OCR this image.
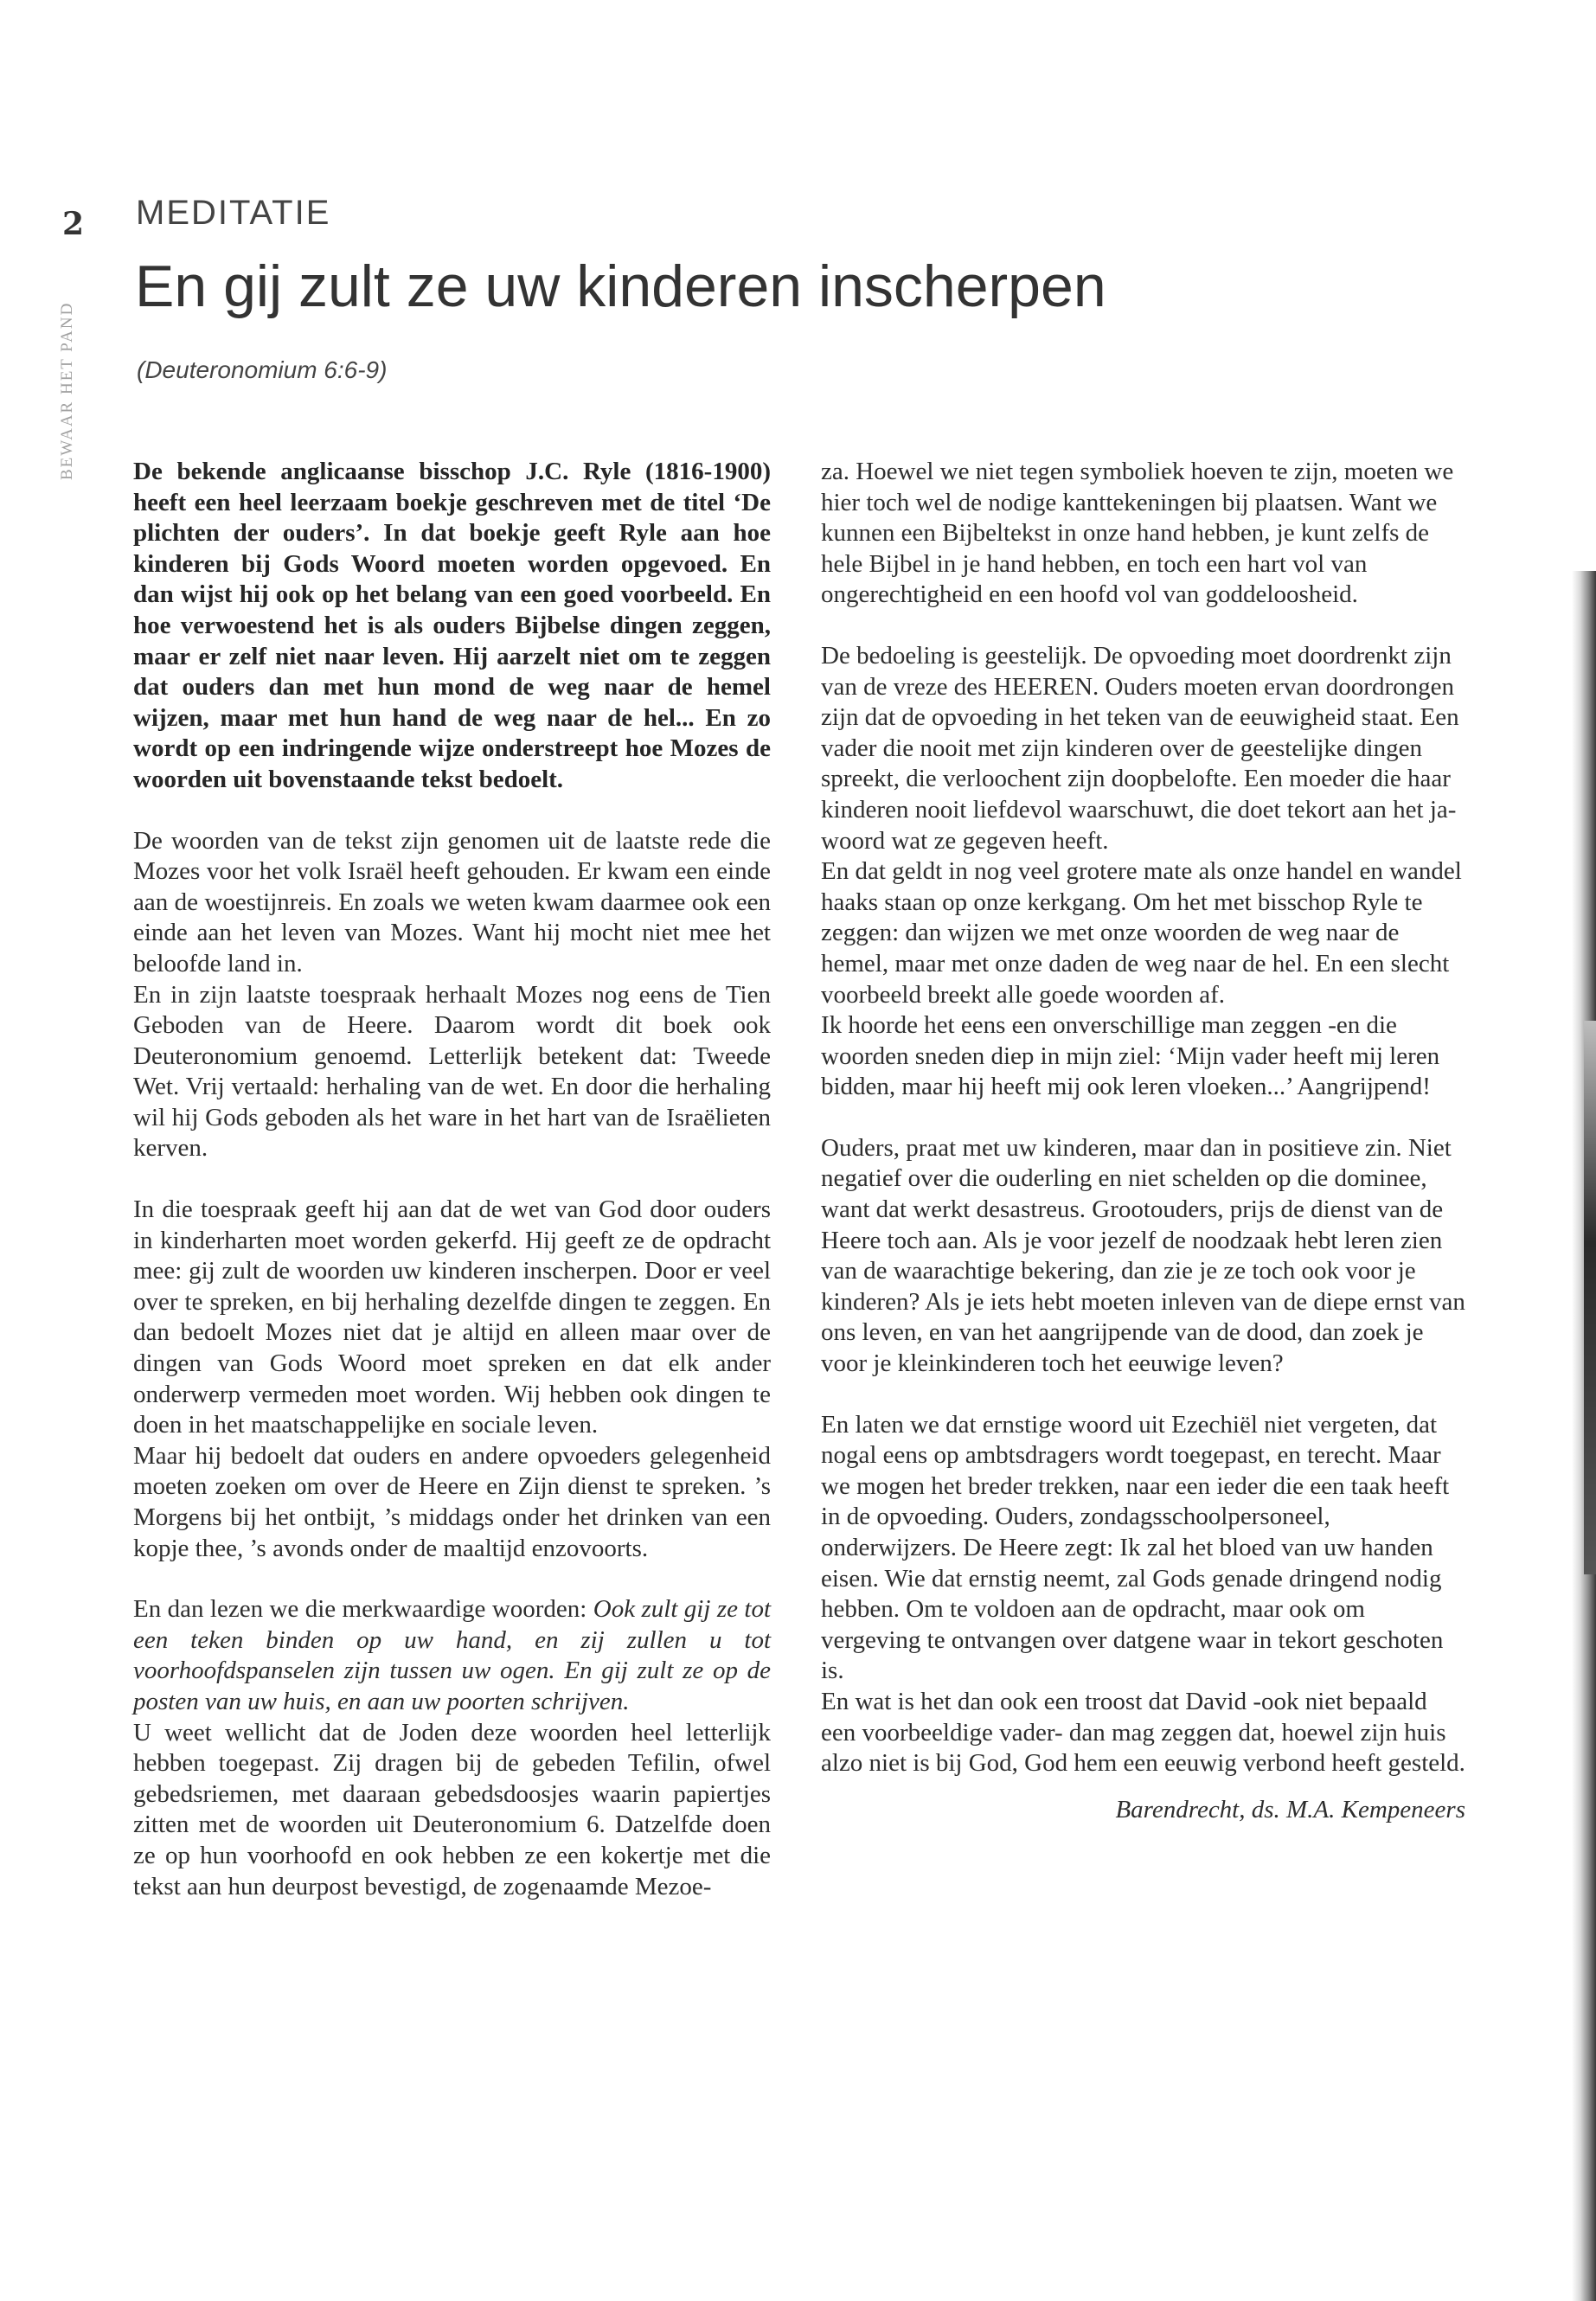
2
BEWAAR HET PAND
MEDITATIE
En gij zult ze uw kinderen inscherpen
(Deuteronomium 6:6-9)

De bekende anglicaanse bisschop J.C. Ryle (1816-1900) heeft een heel leerzaam boekje geschreven met de titel ‘De plichten der ouders’. In dat boekje geeft Ryle aan hoe kinderen bij Gods Woord moeten worden opgevoed. En dan wijst hij ook op het belang van een goed voorbeeld. En hoe verwoestend het is als ouders Bijbelse dingen zeggen, maar er zelf niet naar leven. Hij aarzelt niet om te zeggen dat ouders dan met hun mond de weg naar de hemel wijzen, maar met hun hand de weg naar de hel... En zo wordt op een indringende wijze onderstreept hoe Mozes de woorden uit bovenstaande tekst bedoelt.

De woorden van de tekst zijn genomen uit de laatste rede die Mozes voor het volk Israël heeft gehouden. Er kwam een einde aan de woestijnreis. En zoals we weten kwam daarmee ook een einde aan het leven van Mozes. Want hij mocht niet mee het beloofde land in.

En in zijn laatste toespraak herhaalt Mozes nog eens de Tien Geboden van de Heere. Daarom wordt dit boek ook Deuteronomium genoemd. Letterlijk betekent dat: Tweede Wet. Vrij vertaald: herhaling van de wet. En door die herhaling wil hij Gods geboden als het ware in het hart van de Israëlieten kerven.

In die toespraak geeft hij aan dat de wet van God door ouders in kinderharten moet worden gekerfd. Hij geeft ze de opdracht mee: gij zult de woorden uw kinderen inscherpen. Door er veel over te spreken, en bij herhaling dezelfde dingen te zeggen. En dan bedoelt Mozes niet dat je altijd en alleen maar over de dingen van Gods Woord moet spreken en dat elk ander onderwerp vermeden moet worden. Wij hebben ook dingen te doen in het maatschappelijke en sociale leven.

Maar hij bedoelt dat ouders en andere opvoeders gelegenheid moeten zoeken om over de Heere en Zijn dienst te spreken. ’s Morgens bij het ontbijt, ’s middags onder het drinken van een kopje thee, ’s avonds onder de maaltijd enzovoorts.

En dan lezen we die merkwaardige woorden: Ook zult gij ze tot een teken binden op uw hand, en zij zullen u tot voorhoofdspanselen zijn tussen uw ogen. En gij zult ze op de posten van uw huis, en aan uw poorten schrijven.

U weet wellicht dat de Joden deze woorden heel letterlijk hebben toegepast. Zij dragen bij de gebeden Tefilin, ofwel gebedsriemen, met daaraan gebedsdoosjes waarin papiertjes zitten met de woorden uit Deuteronomium 6. Datzelfde doen ze op hun voorhoofd en ook hebben ze een kokertje met die tekst aan hun deurpost bevestigd, de zogenaamde Mezoe-

za. Hoewel we niet tegen symboliek hoeven te zijn, moeten we hier toch wel de nodige kanttekeningen bij plaatsen. Want we kunnen een Bijbeltekst in onze hand hebben, je kunt zelfs de hele Bijbel in je hand hebben, en toch een hart vol van ongerechtigheid en een hoofd vol van goddeloosheid.

De bedoeling is geestelijk. De opvoeding moet doordrenkt zijn van de vreze des HEEREN. Ouders moeten ervan doordrongen zijn dat de opvoeding in het teken van de eeuwigheid staat. Een vader die nooit met zijn kinderen over de geestelijke dingen spreekt, die verloochent zijn doopbelofte. Een moeder die haar kinderen nooit liefdevol waarschuwt, die doet tekort aan het ja-woord wat ze gegeven heeft.

En dat geldt in nog veel grotere mate als onze handel en wandel haaks staan op onze kerkgang. Om het met bisschop Ryle te zeggen: dan wijzen we met onze woorden de weg naar de hemel, maar met onze daden de weg naar de hel. En een slecht voorbeeld breekt alle goede woorden af.

Ik hoorde het eens een onverschillige man zeggen -en die woorden sneden diep in mijn ziel: ‘Mijn vader heeft mij leren bidden, maar hij heeft mij ook leren vloeken...’ Aangrijpend!

Ouders, praat met uw kinderen, maar dan in positieve zin. Niet negatief over die ouderling en niet schelden op die dominee, want dat werkt desastreus. Grootouders, prijs de dienst van de Heere toch aan. Als je voor jezelf de noodzaak hebt leren zien van de waarachtige bekering, dan zie je ze toch ook voor je kinderen? Als je iets hebt moeten inleven van de diepe ernst van ons leven, en van het aangrijpende van de dood, dan zoek je voor je kleinkinderen toch het eeuwige leven?

En laten we dat ernstige woord uit Ezechiël niet vergeten, dat nogal eens op ambtsdragers wordt toegepast, en terecht. Maar we mogen het breder trekken, naar een ieder die een taak heeft in de opvoeding. Ouders, zondagsschoolpersoneel, onderwijzers. De Heere zegt: Ik zal het bloed van uw handen eisen. Wie dat ernstig neemt, zal Gods genade dringend nodig hebben. Om te voldoen aan de opdracht, maar ook om vergeving te ontvangen over datgene waar in tekort geschoten is.

En wat is het dan ook een troost dat David -ook niet bepaald een voorbeeldige vader- dan mag zeggen dat, hoewel zijn huis alzo niet is bij God, God hem een eeuwig verbond heeft gesteld.

Barendrecht, ds. M.A. Kempeneers
